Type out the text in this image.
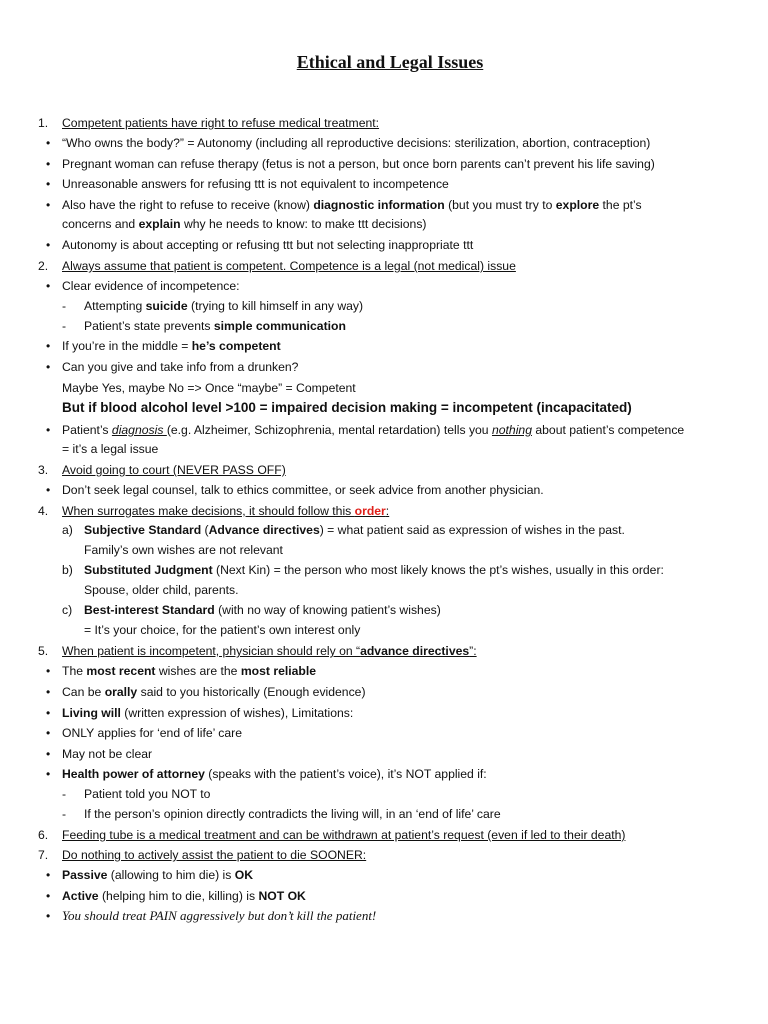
Ethical and Legal Issues
1.	Competent patients have right to refuse medical treatment:
• “Who owns the body?” = Autonomy (including all reproductive decisions: sterilization, abortion, contraception)
• Pregnant woman can refuse therapy (fetus is not a person, but once born parents can’t prevent his life saving)
• Unreasonable answers for refusing ttt is not equivalent to incompetence
• Also have the right to refuse to receive (know) diagnostic information (but you must try to explore the pt’s
concerns and explain why he needs to know: to make ttt decisions)
• Autonomy is about accepting or refusing ttt but not selecting inappropriate ttt
2.	Always assume that patient is competent. Competence is a legal (not medical) issue
• Clear evidence of incompetence:
-	Attempting suicide (trying to kill himself in any way)
-	Patient’s state prevents simple communication
• If you’re in the middle = he’s competent
• Can you give and take info from a drunken?
Maybe Yes, maybe No => Once “maybe” = Competent
But if blood alcohol level >100 = impaired decision making = incompetent (incapacitated)
• Patient’s diagnosis (e.g. Alzheimer, Schizophrenia, mental retardation) tells you nothing about patient’s competence
= it’s a legal issue
3.	Avoid going to court (NEVER PASS OFF)
• Don’t seek legal counsel, talk to ethics committee, or seek advice from another physician.
4.	When surrogates make decisions, it should follow this order:
a) Subjective Standard (Advance directives) = what patient said as expression of wishes in the past.
Family’s own wishes are not relevant
b) Substituted Judgment (Next Kin) = the person who most likely knows the pt’s wishes, usually in this order:
Spouse, older child, parents.
c) Best-interest Standard (with no way of knowing patient’s wishes)
= It’s your choice, for the patient’s own interest only
5.	When patient is incompetent, physician should rely on “advance directives”:
• The most recent wishes are the most reliable
• Can be orally said to you historically (Enough evidence)
• Living will (written expression of wishes), Limitations:
• ONLY applies for ‘end of life’ care
• May not be clear
• Health power of attorney (speaks with the patient’s voice), it’s NOT applied if:
-	Patient told you NOT to
-	If the person’s opinion directly contradicts the living will, in an ‘end of life’ care
6.	Feeding tube is a medical treatment and can be withdrawn at patient’s request (even if led to their death)
7.	Do nothing to actively assist the patient to die SOONER:
• Passive (allowing to him die) is OK
• Active (helping him to die, killing) is NOT OK
• You should treat PAIN aggressively but don’t kill the patient!
